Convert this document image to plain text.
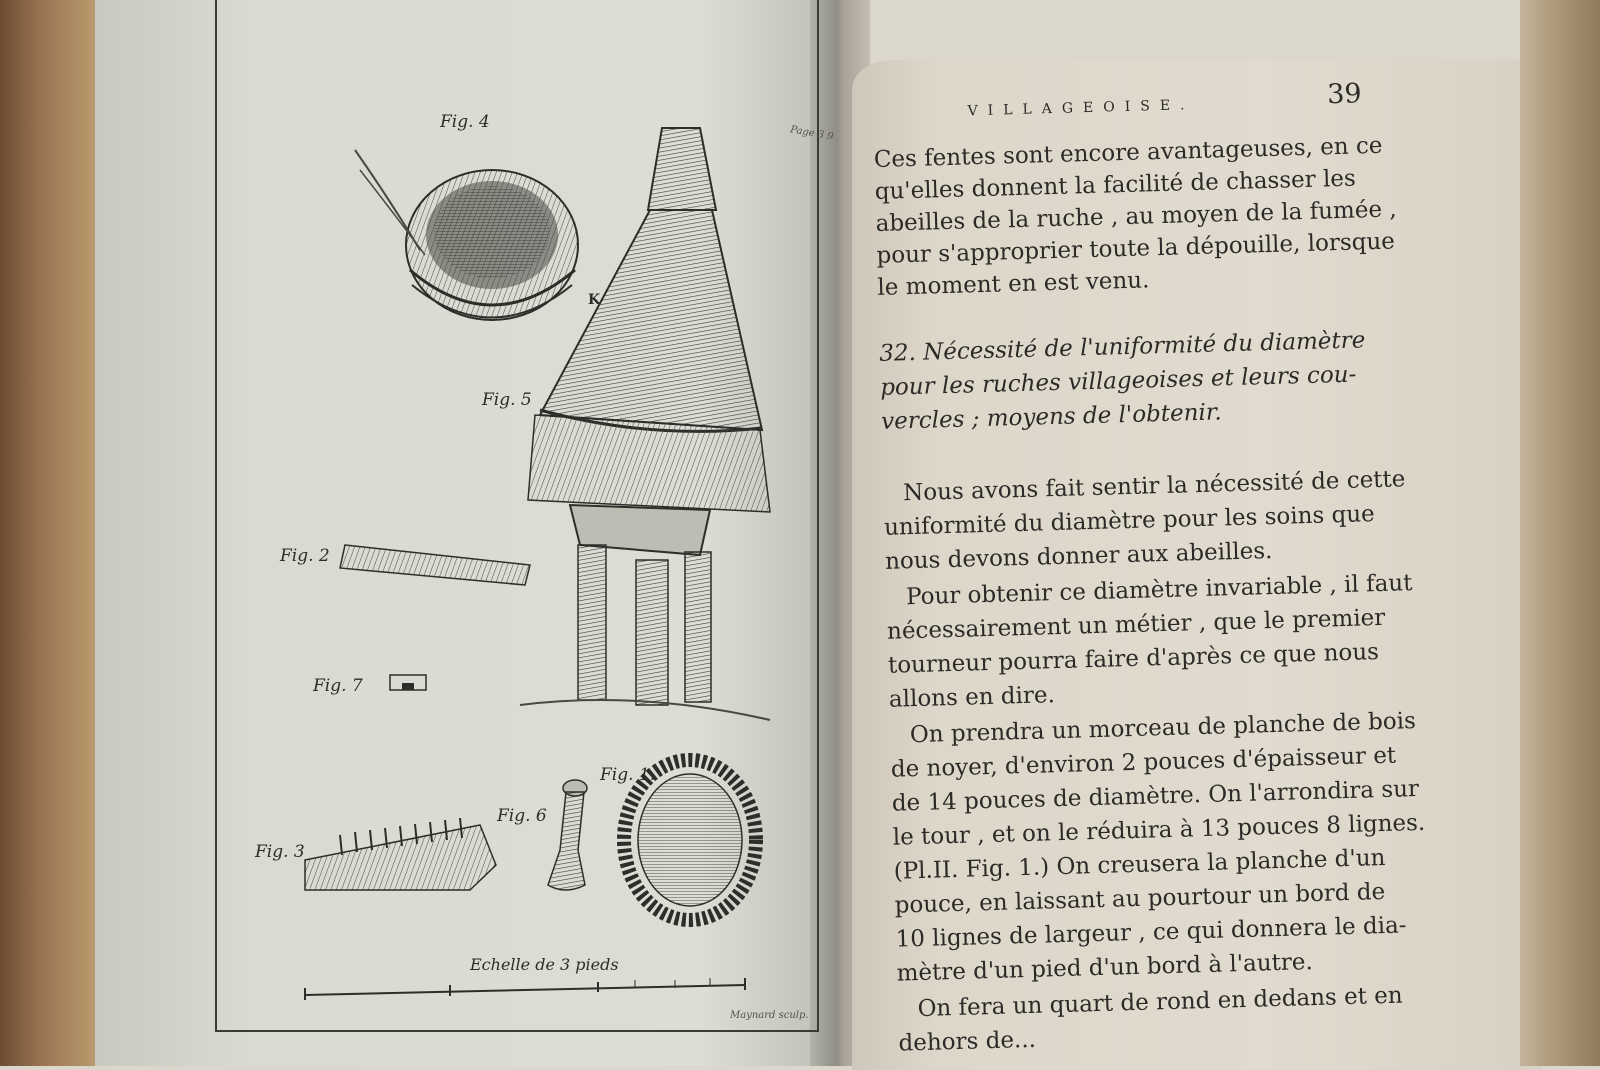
Fig. 4
Page 3 9
K
Fig. 5
Fig. 2
Fig. 7
Fig. 1.
Fig. 6
Fig. 3
Echelle de 3 pieds
Maynard sculp.
VILLAGEOISE.	39
Ces fentes sont encore avantageuses, en ce
qu'elles donnent la facilité de chasser les
abeilles de la ruche , au moyen de la fumée ,
pour s'approprier toute la dépouille, lorsque
le moment en est venu.
32. Nécessité de l'uniformité du diamètre
pour les ruches villageoises et leurs cou-
vercles ; moyens de l'obtenir.
Nous avons fait sentir la nécessité de cette
uniformité du diamètre pour les soins que
nous devons donner aux abeilles.
Pour obtenir ce diamètre invariable , il faut
nécessairement un métier , que le premier
tourneur pourra faire d'après ce que nous
allons en dire.
On prendra un morceau de planche de bois
de noyer, d'environ 2 pouces d'épaisseur et
de 14 pouces de diamètre. On l'arrondira sur
le tour , et on le réduira à 13 pouces 8 lignes.
(Pl.II. Fig. 1.) On creusera la planche d'un
pouce, en laissant au pourtour un bord de
10 lignes de largeur , ce qui donnera le dia-
mètre d'un pied d'un bord à l'autre.
On fera un quart de rond en dedans et en
dehors de...
